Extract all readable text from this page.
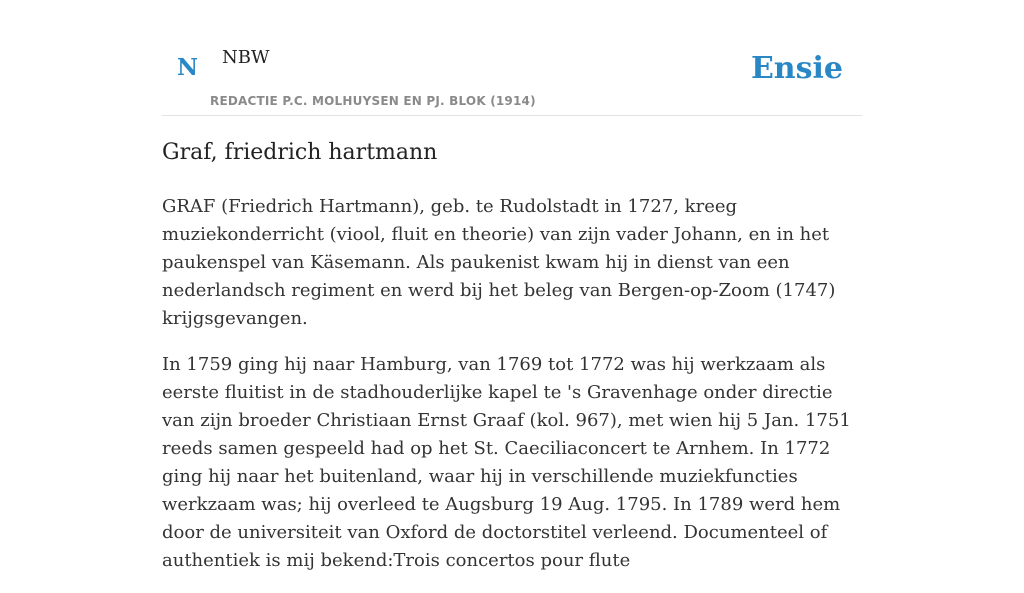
N NBW
REDACTIE P.C. MOLHUYSEN EN PJ. BLOK (1914)
Ensie
Graf, friedrich hartmann

GRAF (Friedrich Hartmann), geb. te Rudolstadt in 1727, kreeg muziekonderricht (viool, fluit en theorie) van zijn vader Johann, en in het paukenspel van Käsemann. Als paukenist kwam hij in dienst van een nederlandsch regiment en werd bij het beleg van Bergen-op-Zoom (1747) krijgsgevangen.

In 1759 ging hij naar Hamburg, van 1769 tot 1772 was hij werkzaam als eerste fluitist in de stadhouderlijke kapel te 's Gravenhage onder directie van zijn broeder Christiaan Ernst Graaf (kol. 967), met wien hij 5 Jan. 1751 reeds samen gespeeld had op het St. Caeciliaconcert te Arnhem. In 1772 ging hij naar het buitenland, waar hij in verschillende muziekfuncties werkzaam was; hij overleed te Augsburg 19 Aug. 1795. In 1789 werd hem door de universiteit van Oxford de doctorstitel verleend. Documenteel of authentiek is mij bekend:Trois concertos pour flute
